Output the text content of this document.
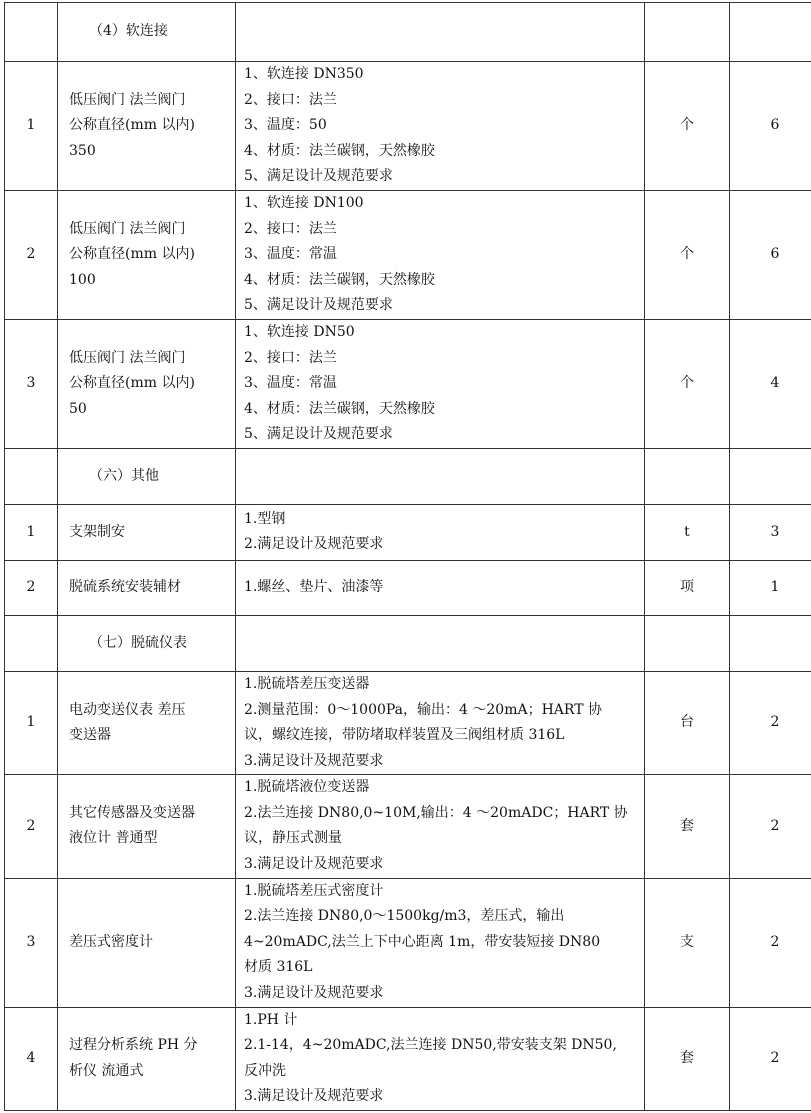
	（4）软连接			

1	低压阀门 法兰阀门
公称直径(mm 以内)
350	1、软连接 DN350
2、接口：法兰
3、温度：50
4、材质：法兰碳钢，天然橡胶
5、满足设计及规范要求	个	6
2	低压阀门 法兰阀门
公称直径(mm 以内)
100	1、软连接 DN100
2、接口：法兰
3、温度：常温
4、材质：法兰碳钢，天然橡胶
5、满足设计及规范要求	个	6
3	低压阀门 法兰阀门
公称直径(mm 以内)
50	1、软连接 DN50
2、接口：法兰
3、温度：常温
4、材质：法兰碳钢，天然橡胶
5、满足设计及规范要求	个	4

	（六）其他			

1	支架制安	1.型钢
2.满足设计及规范要求	t	3
2	脱硫系统安装辅材	1.螺丝、垫片、油漆等	项	1

	（七）脱硫仪表			

1	电动变送仪表 差压
变送器	1.脱硫塔差压变送器
2.测量范围：0～1000Pa，输出：4 ～20mA；HART 协
议，螺纹连接，带防堵取样装置及三阀组材质 316L
3.满足设计及规范要求	台	2
2	其它传感器及变送器
液位计 普通型	1.脱硫塔液位变送器
2.法兰连接 DN80,0~10M,输出：4 ～20mADC；HART 协
议，静压式测量
3.满足设计及规范要求	套	2
3	差压式密度计	1.脱硫塔差压式密度计
2.法兰连接 DN80,0～1500kg/m3，差压式，输出
4~20mADC,法兰上下中心距离 1m，带安装短接 DN80
材质 316L
3.满足设计及规范要求	支	2
4	过程分析系统 PH 分
析仪 流通式	1.PH 计
2.1-14，4~20mADC,法兰连接 DN50,带安装支架 DN50,
反冲洗
3.满足设计及规范要求	套	2
